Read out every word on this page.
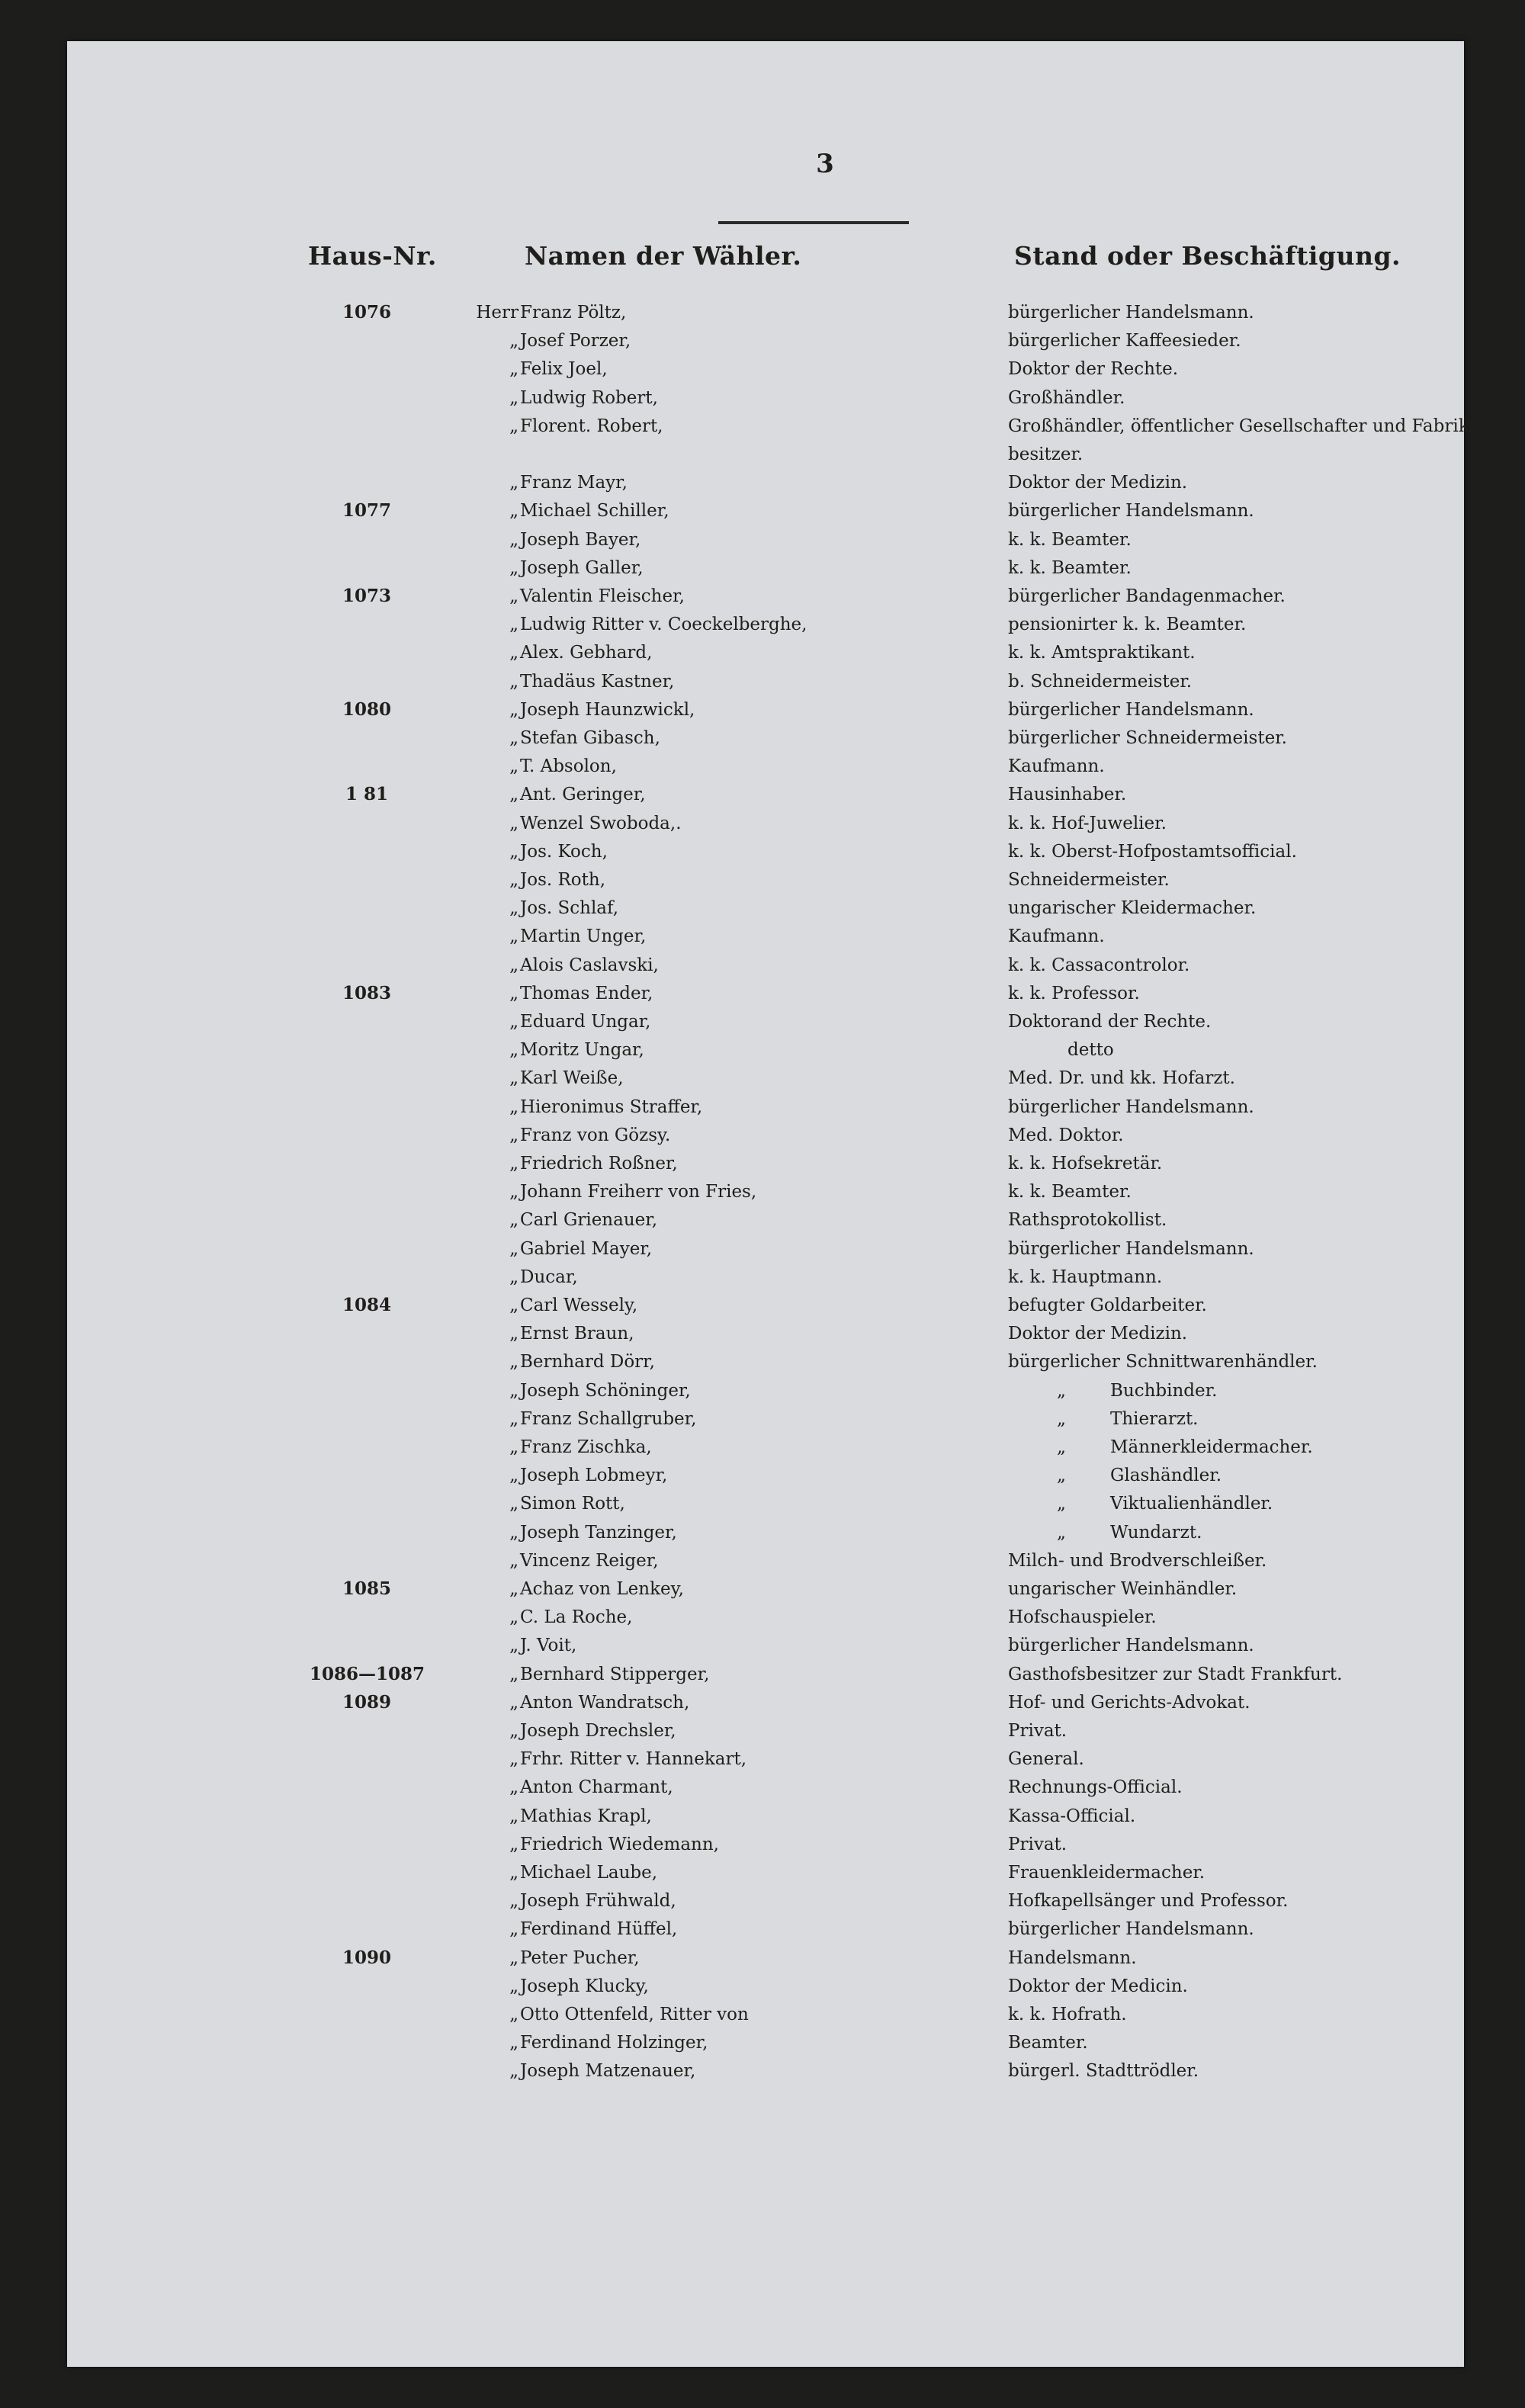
3
Haus-Nr.	Namen der Wähler.	Stand oder Beschäftigung.
1076	Herr Franz Pöltz,	bürgerlicher Handelsmann.
„ Josef Porzer,	bürgerlicher Kaffeesieder.
„ Felix Joel,	Doktor der Rechte.
„ Ludwig Robert,	Großhändler.
„ Florent. Robert,	Großhändler, öffentlicher Gesellschafter und Fabriks-
besitzer.
„ Franz Mayr,	Doktor der Medizin.
1077	„ Michael Schiller,	bürgerlicher Handelsmann.
„ Joseph Bayer,	k. k. Beamter.
„ Joseph Galler,	k. k. Beamter.
1073	„ Valentin Fleischer,	bürgerlicher Bandagenmacher.
„ Ludwig Ritter v. Coeckelberghe,	pensionirter k. k. Beamter.
„ Alex. Gebhard,	k. k. Amtspraktikant.
„ Thadäus Kastner,	b. Schneidermeister.
1080	„ Joseph Haunzwickl,	bürgerlicher Handelsmann.
„ Stefan Gibasch,	bürgerlicher Schneidermeister.
„ T. Absolon,	Kaufmann.
1 81	„ Ant. Geringer,	Hausinhaber.
„ Wenzel Swoboda,.	k. k. Hof-Juwelier.
„ Jos. Koch,	k. k. Oberst-Hofpostamtsofficial.
„ Jos. Roth,	Schneidermeister.
„ Jos. Schlaf,	ungarischer Kleidermacher.
„ Martin Unger,	Kaufmann.
„ Alois Caslavski,	k. k. Cassacontrolor.
1083	„ Thomas Ender,	k. k. Professor.
„ Eduard Ungar,	Doktorand der Rechte.
„ Moritz Ungar,	detto
„ Karl Weiße,	Med. Dr. und kk. Hofarzt.
„ Hieronimus Straffer,	bürgerlicher Handelsmann.
„ Franz von Gözsy.	Med. Doktor.
„ Friedrich Roßner,	k. k. Hofsekretär.
„ Johann Freiherr von Fries,	k. k. Beamter.
„ Carl Grienauer,	Rathsprotokollist.
„ Gabriel Mayer,	bürgerlicher Handelsmann.
„ Ducar,	k. k. Hauptmann.
1084	„ Carl Wessely,	befugter Goldarbeiter.
„ Ernst Braun,	Doktor der Medizin.
„ Bernhard Dörr,	bürgerlicher Schnittwarenhändler.
„ Joseph Schöninger,	„	Buchbinder.
„ Franz Schallgruber,	„	Thierarzt.
„ Franz Zischka,	„	Männerkleidermacher.
„ Joseph Lobmeyr,	„	Glashändler.
„ Simon Rott,	„	Viktualienhändler.
„ Joseph Tanzinger,	„	Wundarzt.
„ Vincenz Reiger,	Milch- und Brodverschleißer.
1085	„ Achaz von Lenkey,	ungarischer Weinhändler.
„ C. La Roche,	Hofschauspieler.
„ J. Voit,	bürgerlicher Handelsmann.
1086—1087	„ Bernhard Stipperger,	Gasthofsbesitzer zur Stadt Frankfurt.
1089	„ Anton Wandratsch,	Hof- und Gerichts-Advokat.
„ Joseph Drechsler,	Privat.
„ Frhr. Ritter v. Hannekart,	General.
„ Anton Charmant,	Rechnungs-Official.
„ Mathias Krapl,	Kassa-Official.
„ Friedrich Wiedemann,	Privat.
„ Michael Laube,	Frauenkleidermacher.
„ Joseph Frühwald,	Hofkapellsänger und Professor.
„ Ferdinand Hüffel,	bürgerlicher Handelsmann.
1090	„ Peter Pucher,	Handelsmann.
„ Joseph Klucky,	Doktor der Medicin.
„ Otto Ottenfeld, Ritter von	k. k. Hofrath.
„ Ferdinand Holzinger,	Beamter.
„ Joseph Matzenauer,	bürgerl. Stadttrödler.
